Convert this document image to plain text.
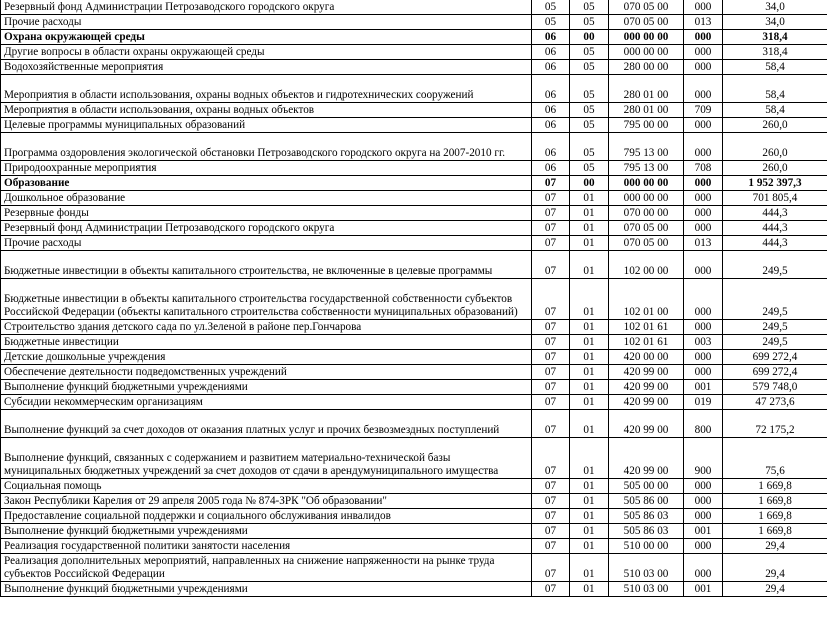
Резервный фонд Администрации Петрозаводского городского округа	05	05	070 05 00	000	34,0
Прочие расходы	05	05	070 05 00	013	34,0
Охрана окружающей среды	06	00	000 00 00	000	318,4
Другие вопросы в области охраны окружающей среды	06	05	000 00 00	000	318,4
Водохозяйственные мероприятия	06	05	280 00 00	000	58,4
Мероприятия в области использования, охраны водных объектов и гидротехнических сооружений	06	05	280 01 00	000	58,4
Мероприятия в области использования, охраны водных объектов	06	05	280 01 00	709	58,4
Целевые программы муниципальных образований	06	05	795 00 00	000	260,0
Программа оздоровления экологической обстановки Петрозаводского городского округа на 2007-2010 гг.	06	05	795 13 00	000	260,0
Природоохранные мероприятия	06	05	795 13 00	708	260,0
Образование	07	00	000 00 00	000	1 952 397,3
Дошкольное образование	07	01	000 00 00	000	701 805,4
Резервные фонды	07	01	070 00 00	000	444,3
Резервный фонд Администрации Петрозаводского городского округа	07	01	070 05 00	000	444,3
Прочие расходы	07	01	070 05 00	013	444,3
Бюджетные инвестиции в объекты капитального строительства, не включенные в целевые программы	07	01	102 00 00	000	249,5
Бюджетные инвестиции в объекты капитального строительства государственной собственности субъектов Российской Федерации (объекты капитального строительства собственности муниципальных образований)	07	01	102 01 00	000	249,5
Строительство здания детского сада по ул.Зеленой в районе пер.Гончарова	07	01	102 01 61	000	249,5
Бюджетные инвестиции	07	01	102 01 61	003	249,5
Детские дошкольные учреждения	07	01	420 00 00	000	699 272,4
Обеспечение деятельности подведомственных учреждений	07	01	420 99 00	000	699 272,4
Выполнение функций бюджетными учреждениями	07	01	420 99 00	001	579 748,0
Субсидии некоммерческим организациям	07	01	420 99 00	019	47 273,6
Выполнение функций за счет доходов от оказания платных услуг и прочих безвозмездных поступлений	07	01	420 99 00	800	72 175,2
Выполнение функций, связанных с содержанием и развитием материально-технической базы муниципальных бюджетных учреждений за счет доходов от сдачи в арендумуниципального имущества	07	01	420 99 00	900	75,6
Социальная помощь	07	01	505 00 00	000	1 669,8
Закон Республики Карелия от 29 апреля 2005 года № 874-ЗРК "Об образовании"	07	01	505 86 00	000	1 669,8
Предоставление социальной поддержки и социального обслуживания инвалидов	07	01	505 86 03	000	1 669,8
Выполнение функций бюджетными учреждениями	07	01	505 86 03	001	1 669,8
Реализация государственной политики занятости населения	07	01	510 00 00	000	29,4
Реализация дополнительных мероприятий, направленных на снижение напряженности на рынке труда субъектов Российской Федерации	07	01	510 03 00	000	29,4
Выполнение функций бюджетными учреждениями	07	01	510 03 00	001	29,4
